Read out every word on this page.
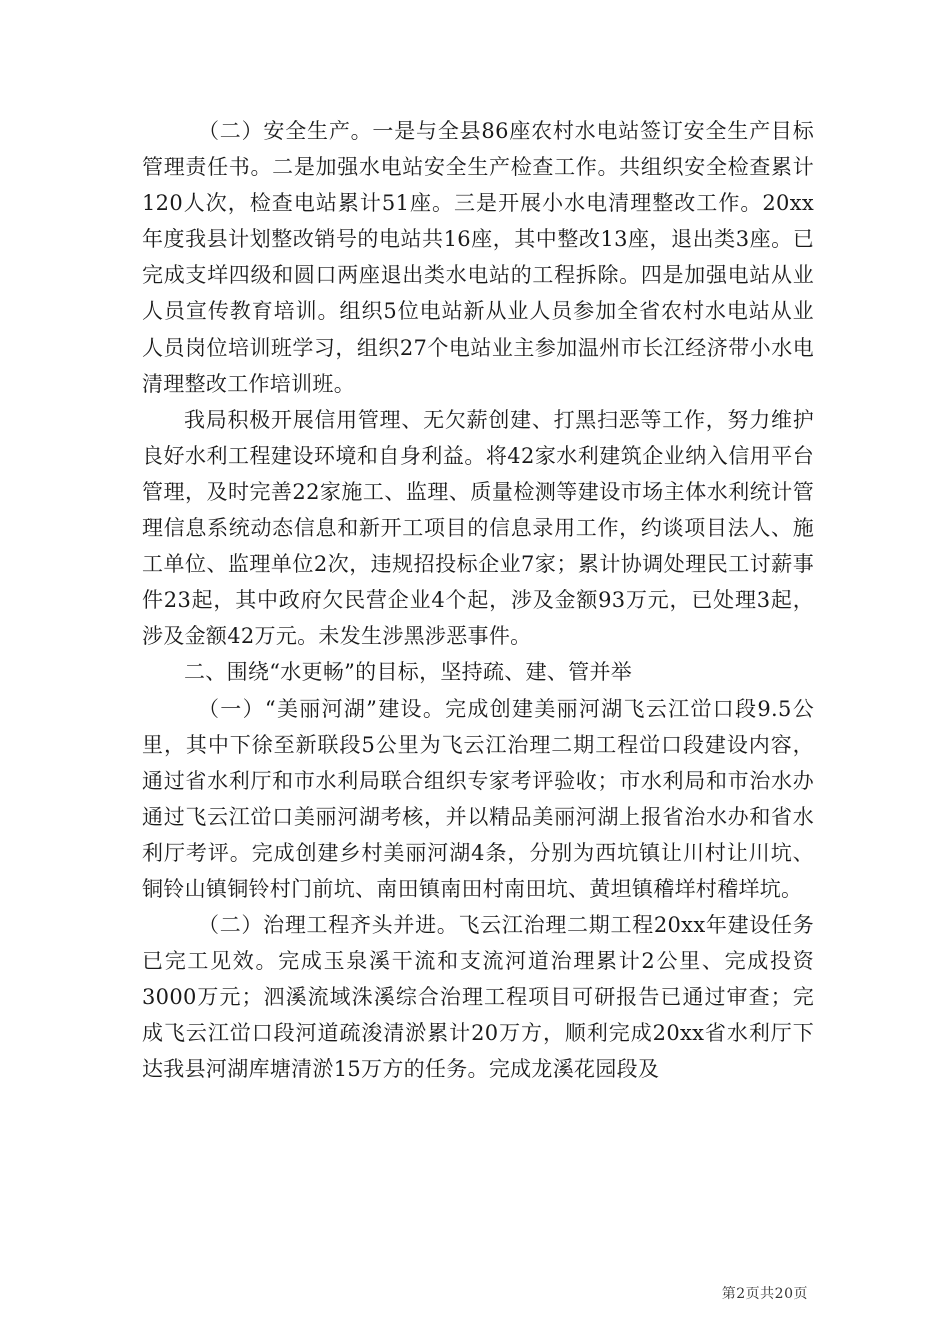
（二）安全生产。一是与全县86座农村水电站签订安全生产目标管理责任书。二是加强水电站安全生产检查工作。共组织安全检查累计120人次，检查电站累计51座。三是开展小水电清理整改工作。20xx年度我县计划整改销号的电站共16座，其中整改13座，退出类3座。已完成支垟四级和圆口两座退出类水电站的工程拆除。四是加强电站从业人员宣传教育培训。组织5位电站新从业人员参加全省农村水电站从业人员岗位培训班学习，组织27个电站业主参加温州市长江经济带小水电清理整改工作培训班。

我局积极开展信用管理、无欠薪创建、打黑扫恶等工作，努力维护良好水利工程建设环境和自身利益。将42家水利建筑企业纳入信用平台管理，及时完善22家施工、监理、质量检测等建设市场主体水利统计管理信息系统动态信息和新开工项目的信息录用工作，约谈项目法人、施工单位、监理单位2次，违规招投标企业7家；累计协调处理民工讨薪事件23起，其中政府欠民营企业4个起，涉及金额93万元，已处理3起，涉及金额42万元。未发生涉黑涉恶事件。

二、围绕“水更畅”的目标，坚持疏、建、管并举

（一）“美丽河湖”建设。完成创建美丽河湖飞云江峃口段9.5公里，其中下徐至新联段5公里为飞云江治理二期工程峃口段建设内容，通过省水利厅和市水利局联合组织专家考评验收；市水利局和市治水办通过飞云江峃口美丽河湖考核，并以精品美丽河湖上报省治水办和省水利厅考评。完成创建乡村美丽河湖4条，分别为西坑镇让川村让川坑、铜铃山镇铜铃村门前坑、南田镇南田村南田坑、黄坦镇稽垟村稽垟坑。

（二）治理工程齐头并进。飞云江治理二期工程20xx年建设任务已完工见效。完成玉泉溪干流和支流河道治理累计2公里、完成投资3000万元；泗溪流域洙溪综合治理工程项目可研报告已通过审查；完成飞云江峃口段河道疏浚清淤累计20万方，顺利完成20xx省水利厅下达我县河湖库塘清淤15万方的任务。完成龙溪花园段及

第2页共20页
